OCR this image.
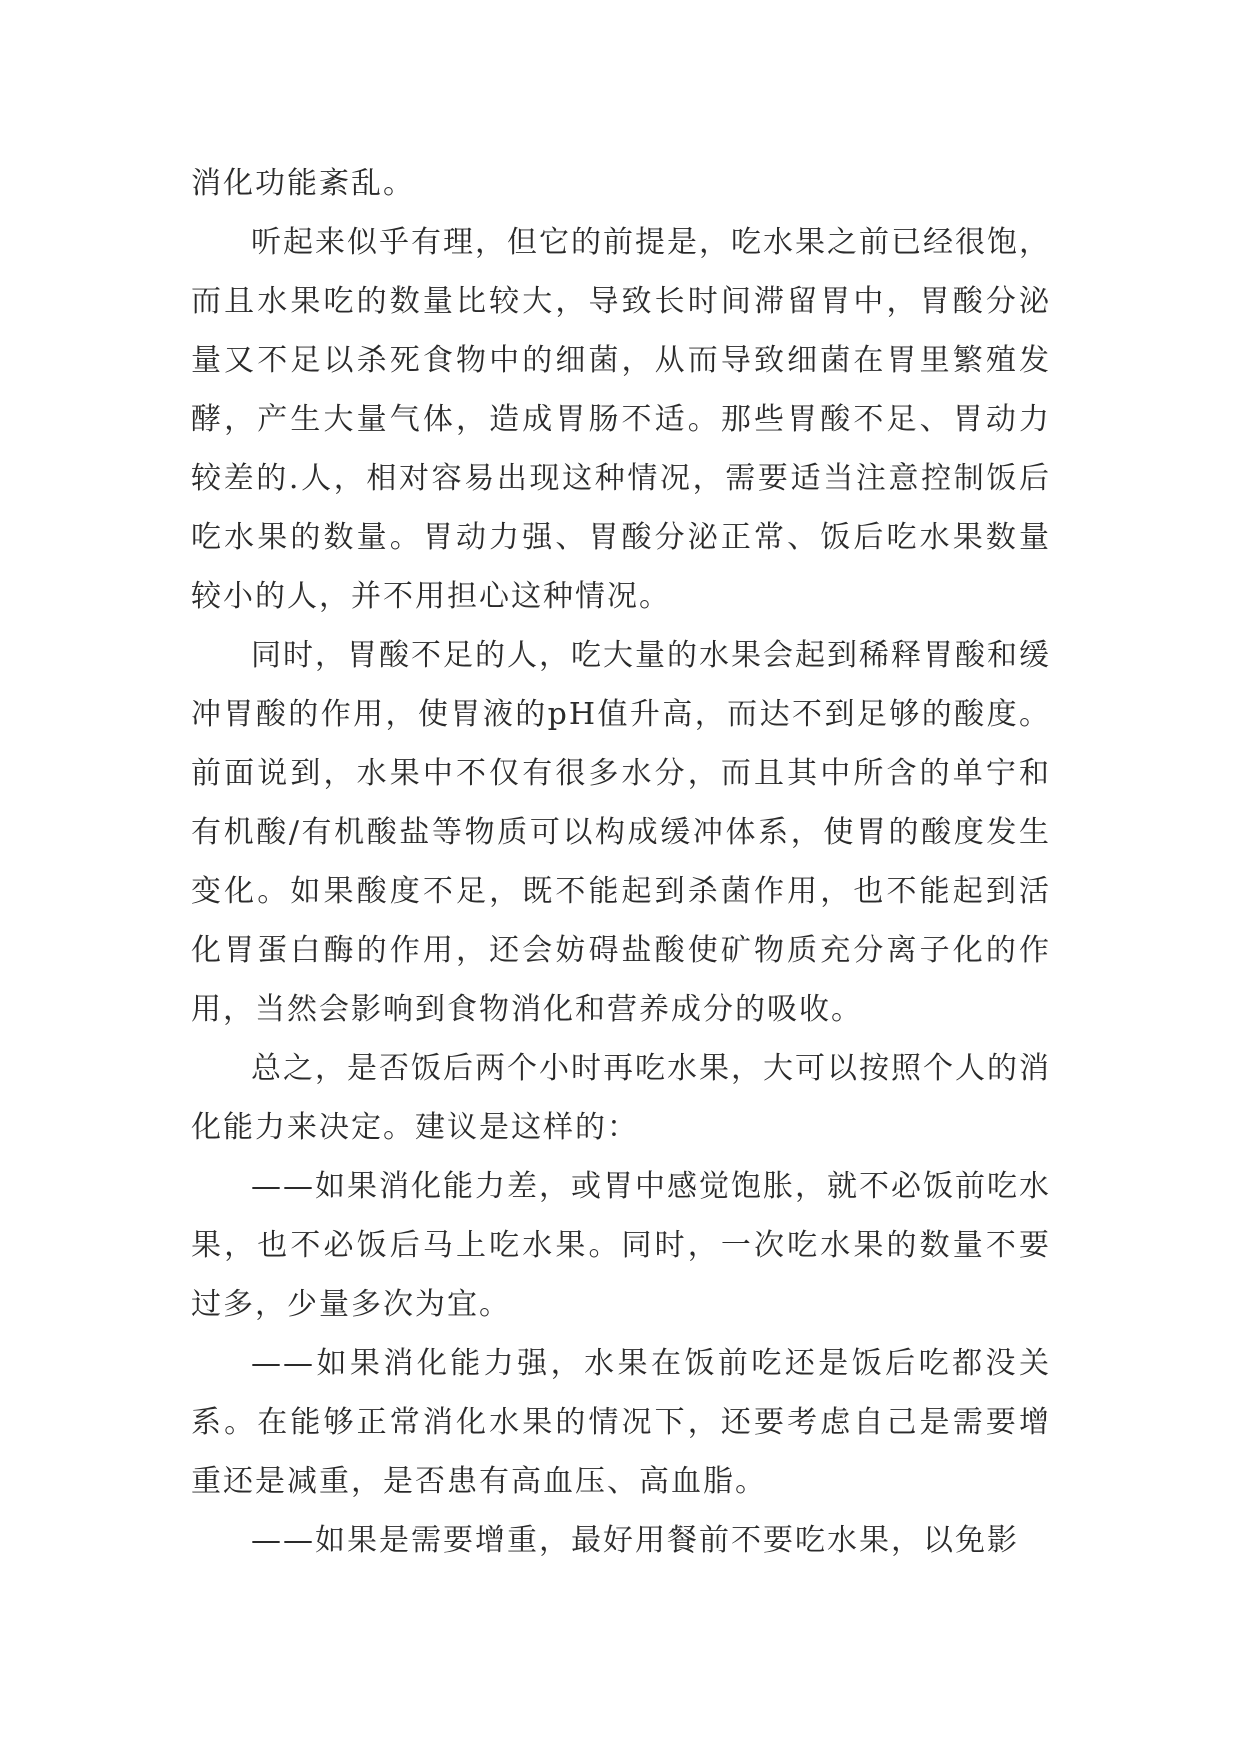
消化功能紊乱。

听起来似乎有理，但它的前提是，吃水果之前已经很饱，而且水果吃的数量比较大，导致长时间滞留胃中，胃酸分泌量又不足以杀死食物中的细菌，从而导致细菌在胃里繁殖发酵，产生大量气体，造成胃肠不适。那些胃酸不足、胃动力较差的.人，相对容易出现这种情况，需要适当注意控制饭后吃水果的数量。胃动力强、胃酸分泌正常、饭后吃水果数量较小的人，并不用担心这种情况。

同时，胃酸不足的人，吃大量的水果会起到稀释胃酸和缓冲胃酸的作用，使胃液的pH值升高，而达不到足够的酸度。前面说到，水果中不仅有很多水分，而且其中所含的单宁和有机酸/有机酸盐等物质可以构成缓冲体系，使胃的酸度发生变化。如果酸度不足，既不能起到杀菌作用，也不能起到活化胃蛋白酶的作用，还会妨碍盐酸使矿物质充分离子化的作用，当然会影响到食物消化和营养成分的吸收。

总之，是否饭后两个小时再吃水果，大可以按照个人的消化能力来决定。建议是这样的：

——如果消化能力差，或胃中感觉饱胀，就不必饭前吃水果，也不必饭后马上吃水果。同时，一次吃水果的数量不要过多，少量多次为宜。

——如果消化能力强，水果在饭前吃还是饭后吃都没关系。在能够正常消化水果的情况下，还要考虑自己是需要增重还是减重，是否患有高血压、高血脂。

——如果是需要增重，最好用餐前不要吃水果，以免影
